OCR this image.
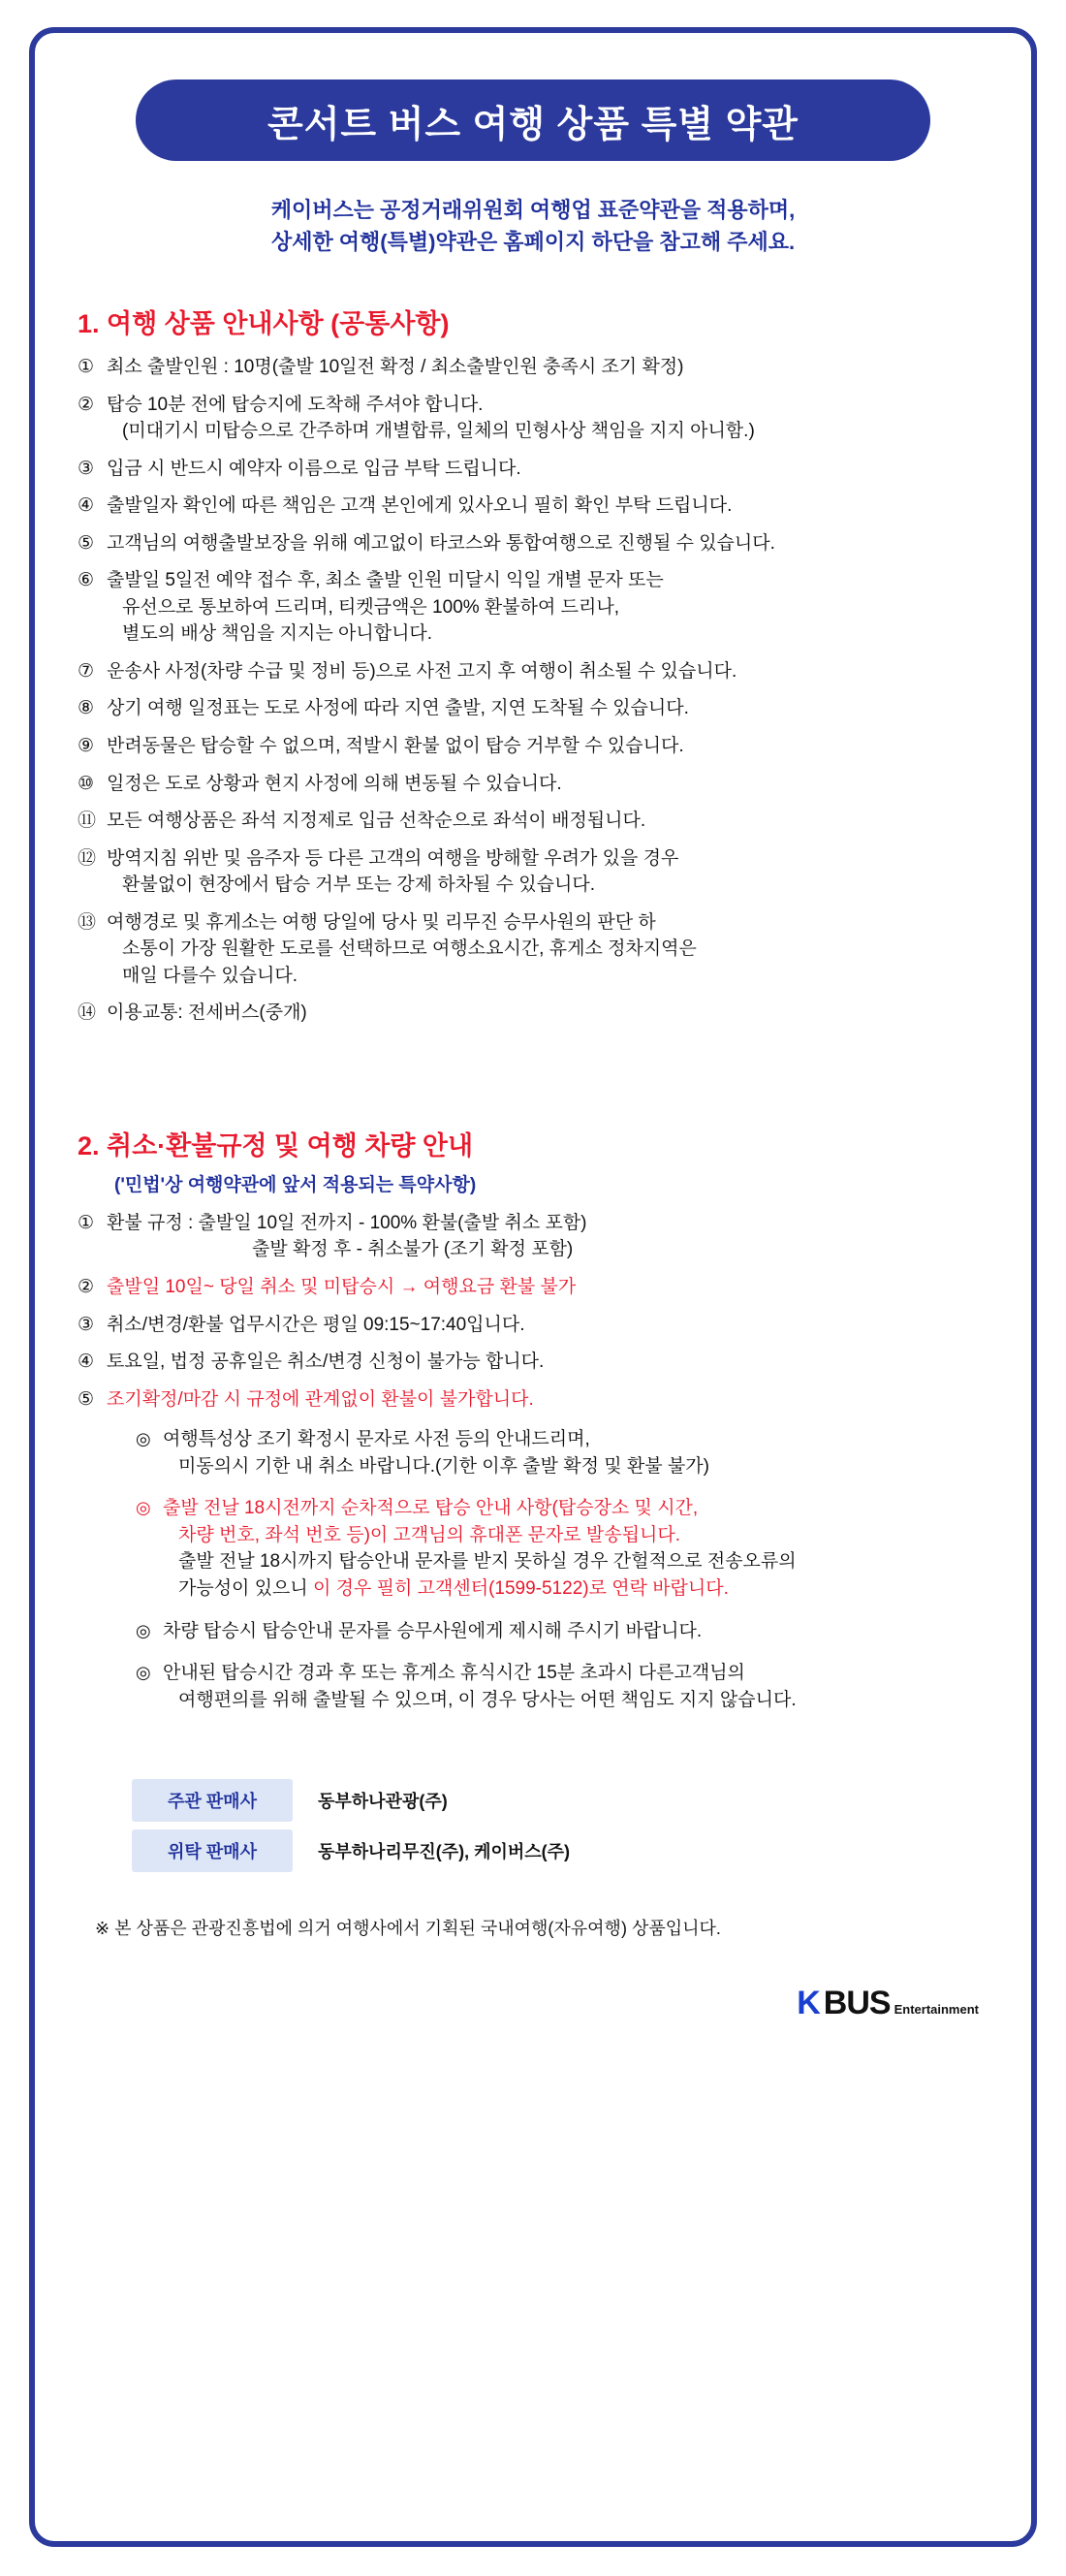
콘서트 버스 여행 상품 특별 약관
케이버스는 공정거래위원회 여행업 표준약관을 적용하며,
상세한 여행(특별)약관은 홈페이지 하단을 참고해 주세요.
1. 여행 상품 안내사항 (공통사항)
① 최소 출발인원 : 10명(출발 10일전 확정 / 최소출발인원 충족시 조기 확정)
② 탑승 10분 전에 탑승지에 도착해 주셔야 합니다.
(미대기시 미탑승으로 간주하며 개별합류, 일체의 민형사상 책임을 지지 아니함.)
③ 입금 시 반드시 예약자 이름으로 입금 부탁 드립니다.
④ 출발일자 확인에 따른 책임은 고객 본인에게 있사오니 필히 확인 부탁 드립니다.
⑤ 고객님의 여행출발보장을 위해 예고없이 타코스와 통합여행으로 진행될 수 있습니다.
⑥ 출발일 5일전 예약 접수 후, 최소 출발 인원 미달시 익일 개별 문자 또는
유선으로 통보하여 드리며, 티켓금액은 100% 환불하여 드리나,
별도의 배상 책임을 지지는 아니합니다.
⑦ 운송사 사정(차량 수급 및 정비 등)으로 사전 고지 후 여행이 취소될 수 있습니다.
⑧ 상기 여행 일정표는 도로 사정에 따라 지연 출발, 지연 도착될 수 있습니다.
⑨ 반려동물은 탑승할 수 없으며, 적발시 환불 없이 탑승 거부할 수 있습니다.
⑩ 일정은 도로 상황과 현지 사정에 의해 변동될 수 있습니다.
⑪ 모든 여행상품은 좌석 지정제로 입금 선착순으로 좌석이 배정됩니다.
⑫ 방역지침 위반 및 음주자 등 다른 고객의 여행을 방해할 우려가 있을 경우
환불없이 현장에서 탑승 거부 또는 강제 하차될 수 있습니다.
⑬ 여행경로 및 휴게소는 여행 당일에 당사 및 리무진 승무사원의 판단 하
소통이 가장 원활한 도로를 선택하므로 여행소요시간, 휴게소 정차지역은
매일 다를수 있습니다.
⑭ 이용교통: 전세버스(중개)
2. 취소·환불규정 및 여행 차량 안내
('민법'상 여행약관에 앞서 적용되는 특약사항)
① 환불 규정 : 출발일 10일 전까지 - 100% 환불(출발 취소 포함)
출발 확정 후 - 취소불가 (조기 확정 포함)
② 출발일 10일~ 당일 취소 및 미탑승시 → 여행요금 환불 불가
③ 취소/변경/환불 업무시간은 평일 09:15~17:40입니다.
④ 토요일, 법정 공휴일은 취소/변경 신청이 불가능 합니다.
⑤ 조기확정/마감 시 규정에 관계없이 환불이 불가합니다.
◎ 여행특성상 조기 확정시 문자로 사전 등의 안내드리며,
미동의시 기한 내 취소 바랍니다.(기한 이후 출발 확정 및 환불 불가)
◎ 출발 전날 18시전까지 순차적으로 탑승 안내 사항(탑승장소 및 시간,
차량 번호, 좌석 번호 등)이 고객님의 휴대폰 문자로 발송됩니다.
출발 전날 18시까지 탑승안내 문자를 받지 못하실 경우 간헐적으로 전송오류의
가능성이 있으니 이 경우 필히 고객센터(1599-5122)로 연락 바랍니다.
◎ 차량 탑승시 탑승안내 문자를 승무사원에게 제시해 주시기 바랍니다.
◎ 안내된 탑승시간 경과 후 또는 휴게소 휴식시간 15분 초과시 다른고객님의
여행편의를 위해 출발될 수 있으며, 이 경우 당사는 어떤 책임도 지지 않습니다.
주관 판매사	동부하나관광(주)
위탁 판매사	동부하나리무진(주), 케이버스(주)
※ 본 상품은 관광진흥법에 의거 여행사에서 기획된 국내여행(자유여행) 상품입니다.
K BUS Entertainment
